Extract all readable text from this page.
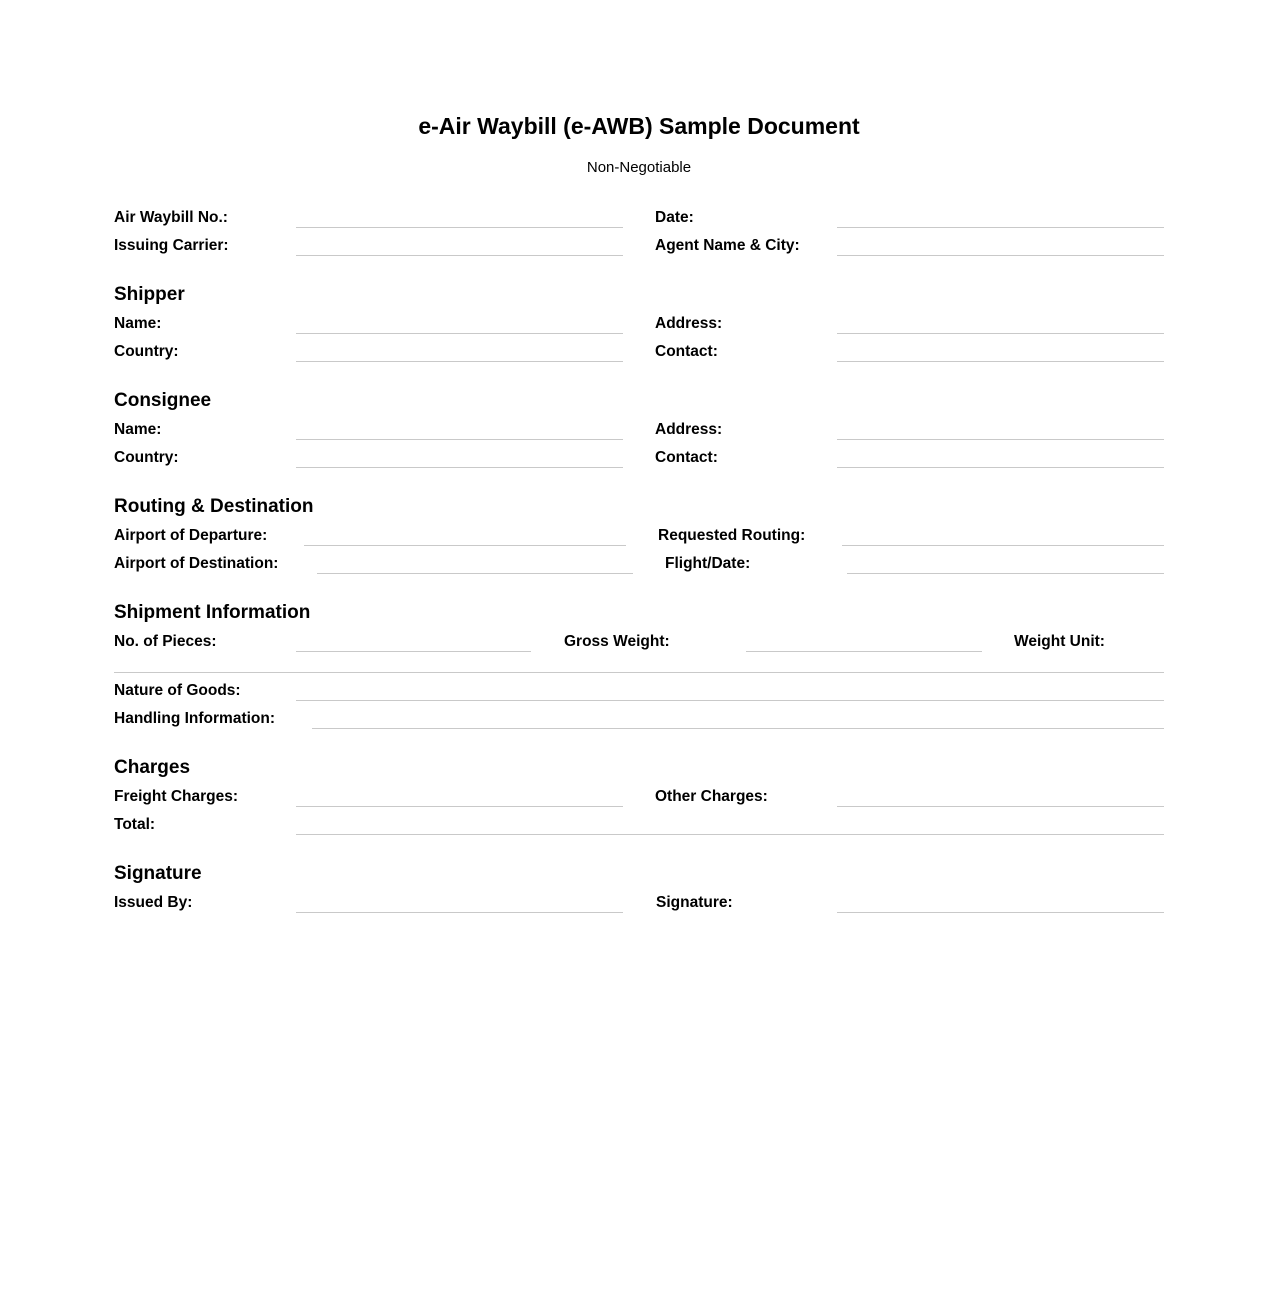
e-Air Waybill (e-AWB) Sample Document
Non-Negotiable
Air Waybill No.:	Date:
Issuing Carrier:	Agent Name & City:
Shipper
Name:	Address:
Country:	Contact:
Consignee
Name:	Address:
Country:	Contact:
Routing & Destination
Airport of Departure:	Requested Routing:
Airport of Destination:	Flight/Date:
Shipment Information
No. of Pieces:	Gross Weight:	Weight Unit:
Nature of Goods:
Handling Information:
Charges
Freight Charges:	Other Charges:
Total:
Signature
Issued By:	Signature:
